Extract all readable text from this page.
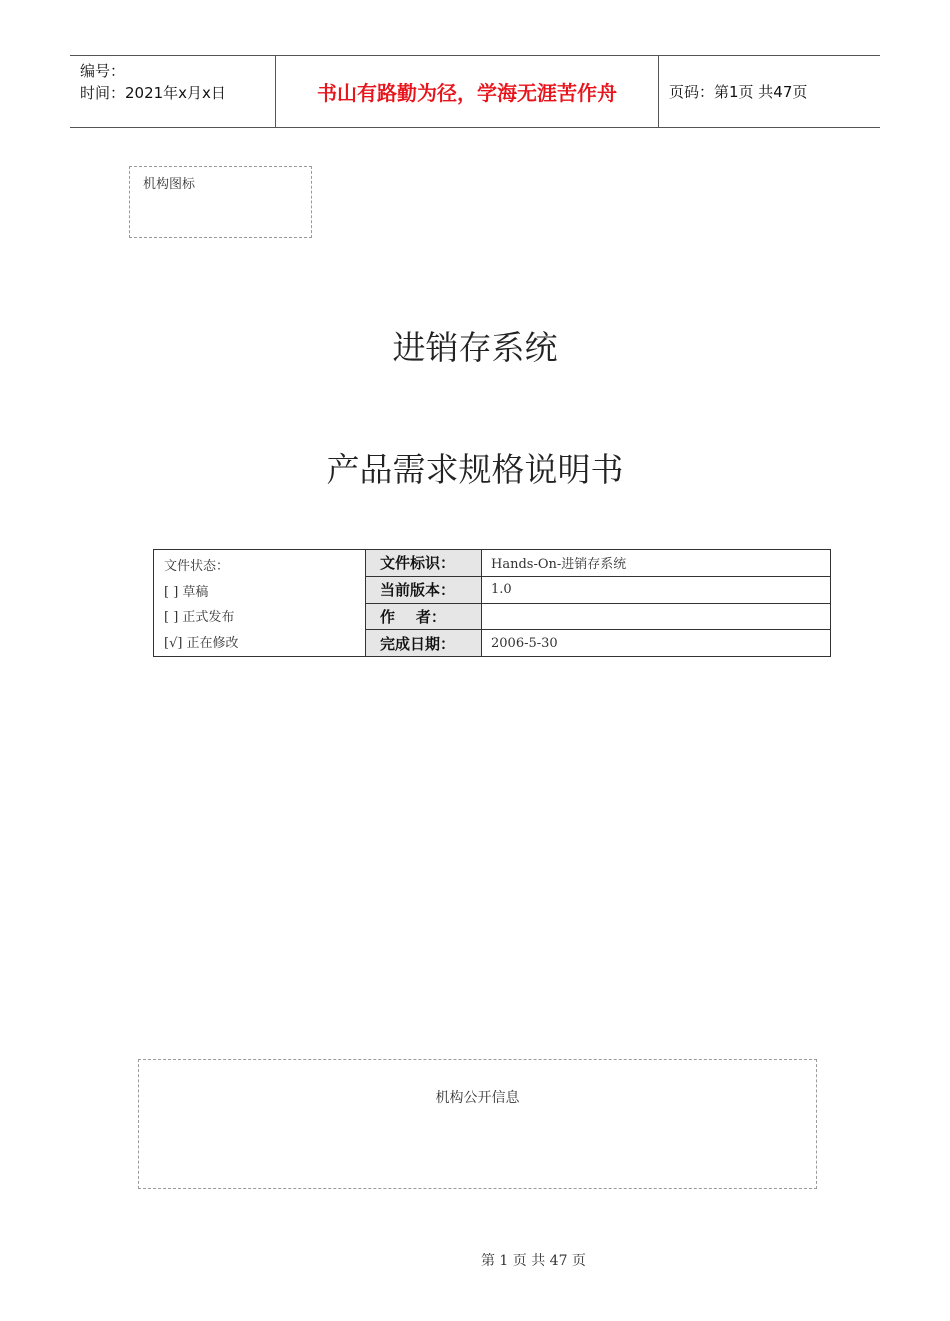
编号：
时间：2021年x月x日	书山有路勤为径，学海无涯苦作舟	页码：第1页 共47页
机构图标
进销存系统
产品需求规格说明书
文件状态：
[ ] 草稿
[ ] 正式发布
[√] 正在修改	文件标识：	Hands-On-进销存系统
	当前版本：	1.0
	作    者：	
	完成日期：	2006-5-30
机构公开信息

第 1 页 共 47 页
